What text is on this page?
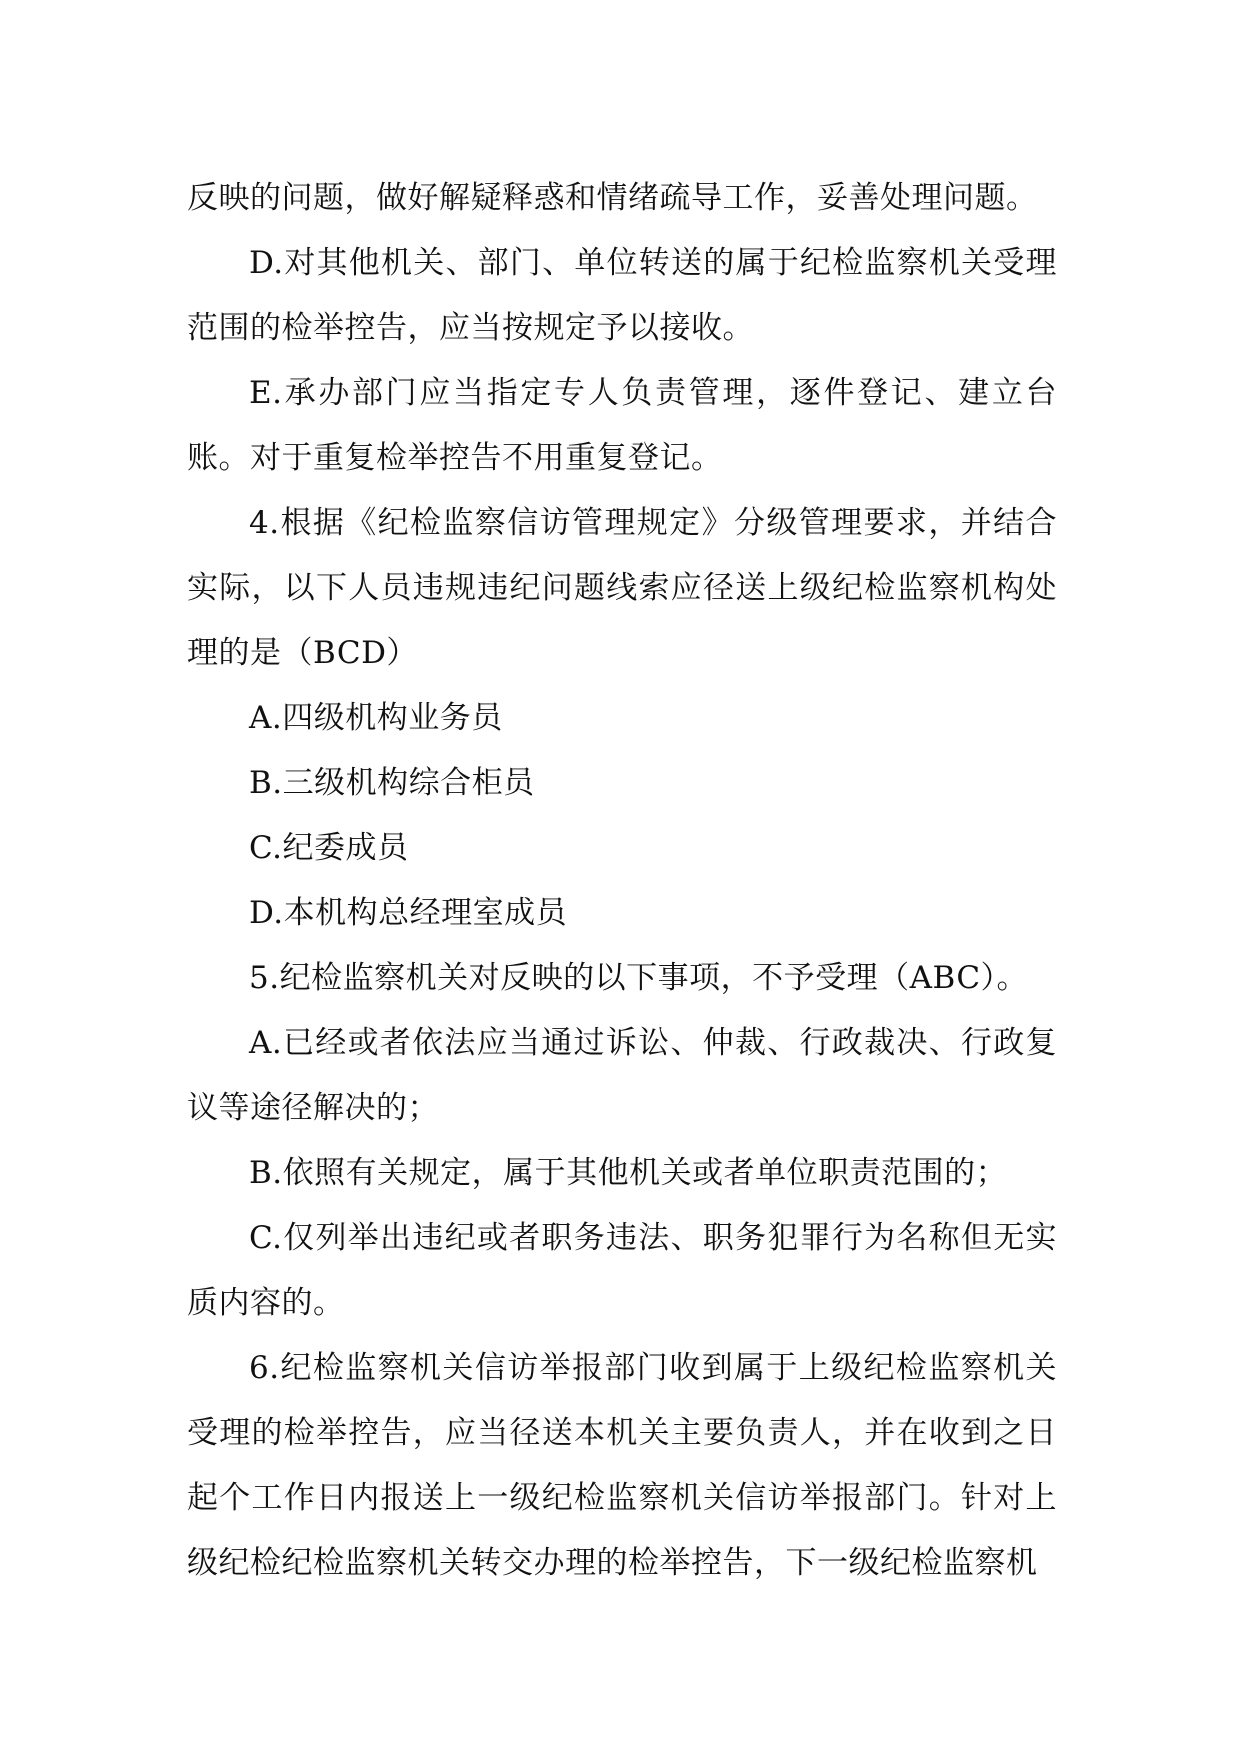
反映的问题，做好解疑释惑和情绪疏导工作，妥善处理问题。

D.对其他机关、部门、单位转送的属于纪检监察机关受理范围的检举控告，应当按规定予以接收。

E.承办部门应当指定专人负责管理，逐件登记、建立台账。对于重复检举控告不用重复登记。

4.根据《纪检监察信访管理规定》分级管理要求，并结合实际，以下人员违规违纪问题线索应径送上级纪检监察机构处理的是（BCD）

A.四级机构业务员

B.三级机构综合柜员

C.纪委成员

D.本机构总经理室成员

5.纪检监察机关对反映的以下事项，不予受理（ABC）。

A.已经或者依法应当通过诉讼、仲裁、行政裁决、行政复议等途径解决的；

B.依照有关规定，属于其他机关或者单位职责范围的；

C.仅列举出违纪或者职务违法、职务犯罪行为名称但无实质内容的。

6.纪检监察机关信访举报部门收到属于上级纪检监察机关受理的检举控告，应当径送本机关主要负责人，并在收到之日起个工作日内报送上一级纪检监察机关信访举报部门。针对上级纪检纪检监察机关转交办理的检举控告，下一级纪检监察机
